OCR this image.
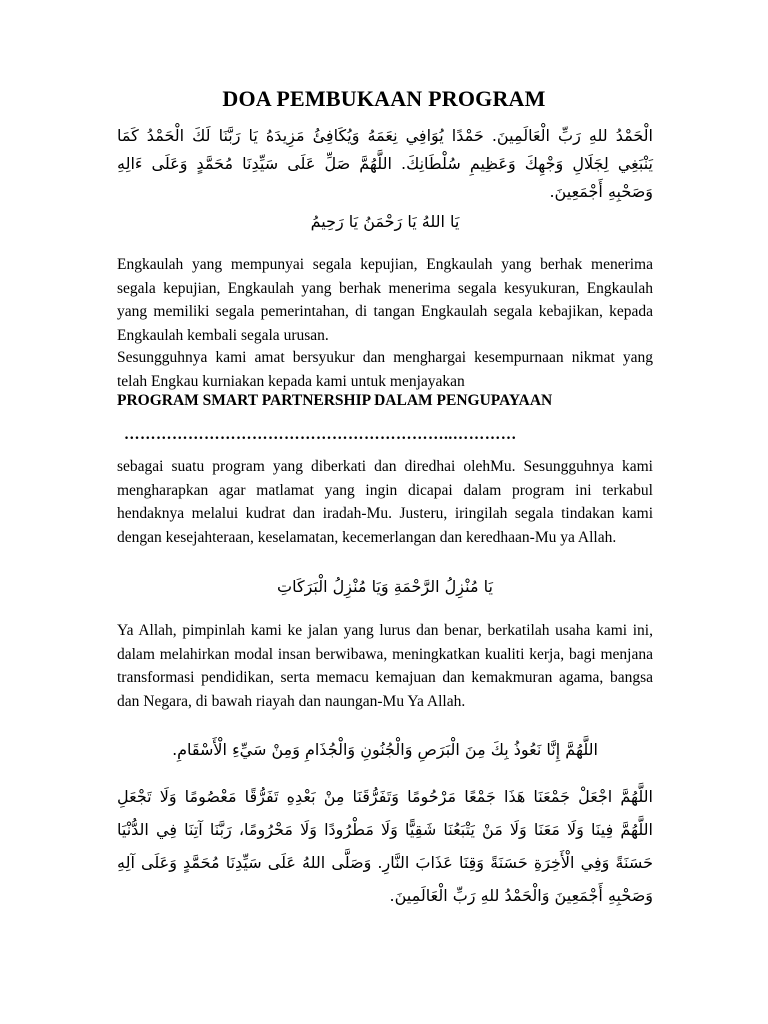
DOA PEMBUKAAN PROGRAM
الْحَمْدُ للهِ رَبِّ الْعَالَمِينَ. حَمْدًا يُوَافِي نِعَمَهُ وَيُكَافِئُ مَزِيدَهُ يَا رَبَّنَا لَكَ الْحَمْدُ كَمَا يَنْبَغِي لِجَلَالِ وَجْهِكَ وَعَظِيمِ سُلْطَانِكَ. اللَّهُمَّ صَلِّ عَلَى سَيِّدِنَا مُحَمَّدٍ وَعَلَى ءَالِهِ وَصَحْبِهِ أَجْمَعِينَ.
يَا اللهُ يَا رَحْمَنُ يَا رَحِيمُ
Engkaulah yang mempunyai segala kepujian, Engkaulah yang berhak menerima segala kepujian, Engkaulah yang berhak menerima segala kesyukuran, Engkaulah yang memiliki segala pemerintahan, di tangan Engkaulah segala kebajikan, kepada Engkaulah kembali segala urusan.
Sesungguhnya kami amat bersyukur dan menghargai kesempurnaan nikmat yang telah Engkau kurniakan kepada kami untuk menjayakan
PROGRAM SMART PARTNERSHIP DALAM PENGUPAYAAN
……………………………………………………..…………
sebagai suatu program yang diberkati dan diredhai olehMu. Sesungguhnya kami mengharapkan agar matlamat yang ingin dicapai dalam program ini terkabul hendaknya melalui kudrat dan iradah-Mu. Justeru, iringilah segala tindakan kami dengan kesejahteraan, keselamatan, kecemerlangan dan keredhaan-Mu ya Allah.
يَا مُنْزِلُ الرَّحْمَةِ وَيَا مُنْزِلُ الْبَرَكَاتِ
Ya Allah, pimpinlah kami ke jalan yang lurus dan benar, berkatilah usaha kami ini, dalam melahirkan modal insan berwibawa, meningkatkan kualiti kerja, bagi menjana transformasi pendidikan, serta memacu kemajuan dan kemakmuran agama, bangsa dan Negara, di bawah riayah dan naungan-Mu Ya Allah.
اللَّهُمَّ إِنَّا نَعُوذُ بِكَ مِنَ الْبَرَصِ وَالْجُنُونِ وَالْجُذَامِ وَمِنْ سَيِّءِ الْأَسْقَامِ.
اللَّهُمَّ اجْعَلْ جَمْعَنَا هَذَا جَمْعًا مَرْحُومًا وَتَفَرُّقَنَا مِنْ بَعْدِهِ تَفَرُّقًا مَعْصُومًا وَلَا تَجْعَلِ اللَّهُمَّ فِينَا وَلَا مَعَنَا وَلَا مَنْ يَتْبَعُنَا شَقِيًّا وَلَا مَطْرُودًا وَلَا مَحْرُومًا، رَبَّنَا آتِنَا فِي الدُّنْيَا حَسَنَةً وَفِي الْأَخِرَةِ حَسَنَةً وَقِنَا عَذَابَ النَّارِ. وَصَلَّى اللهُ عَلَى سَيِّدِنَا مُحَمَّدٍ وَعَلَى آلِهِ وَصَحْبِهِ أَجْمَعِينَ وَالْحَمْدُ للهِ رَبِّ الْعَالَمِينَ.
